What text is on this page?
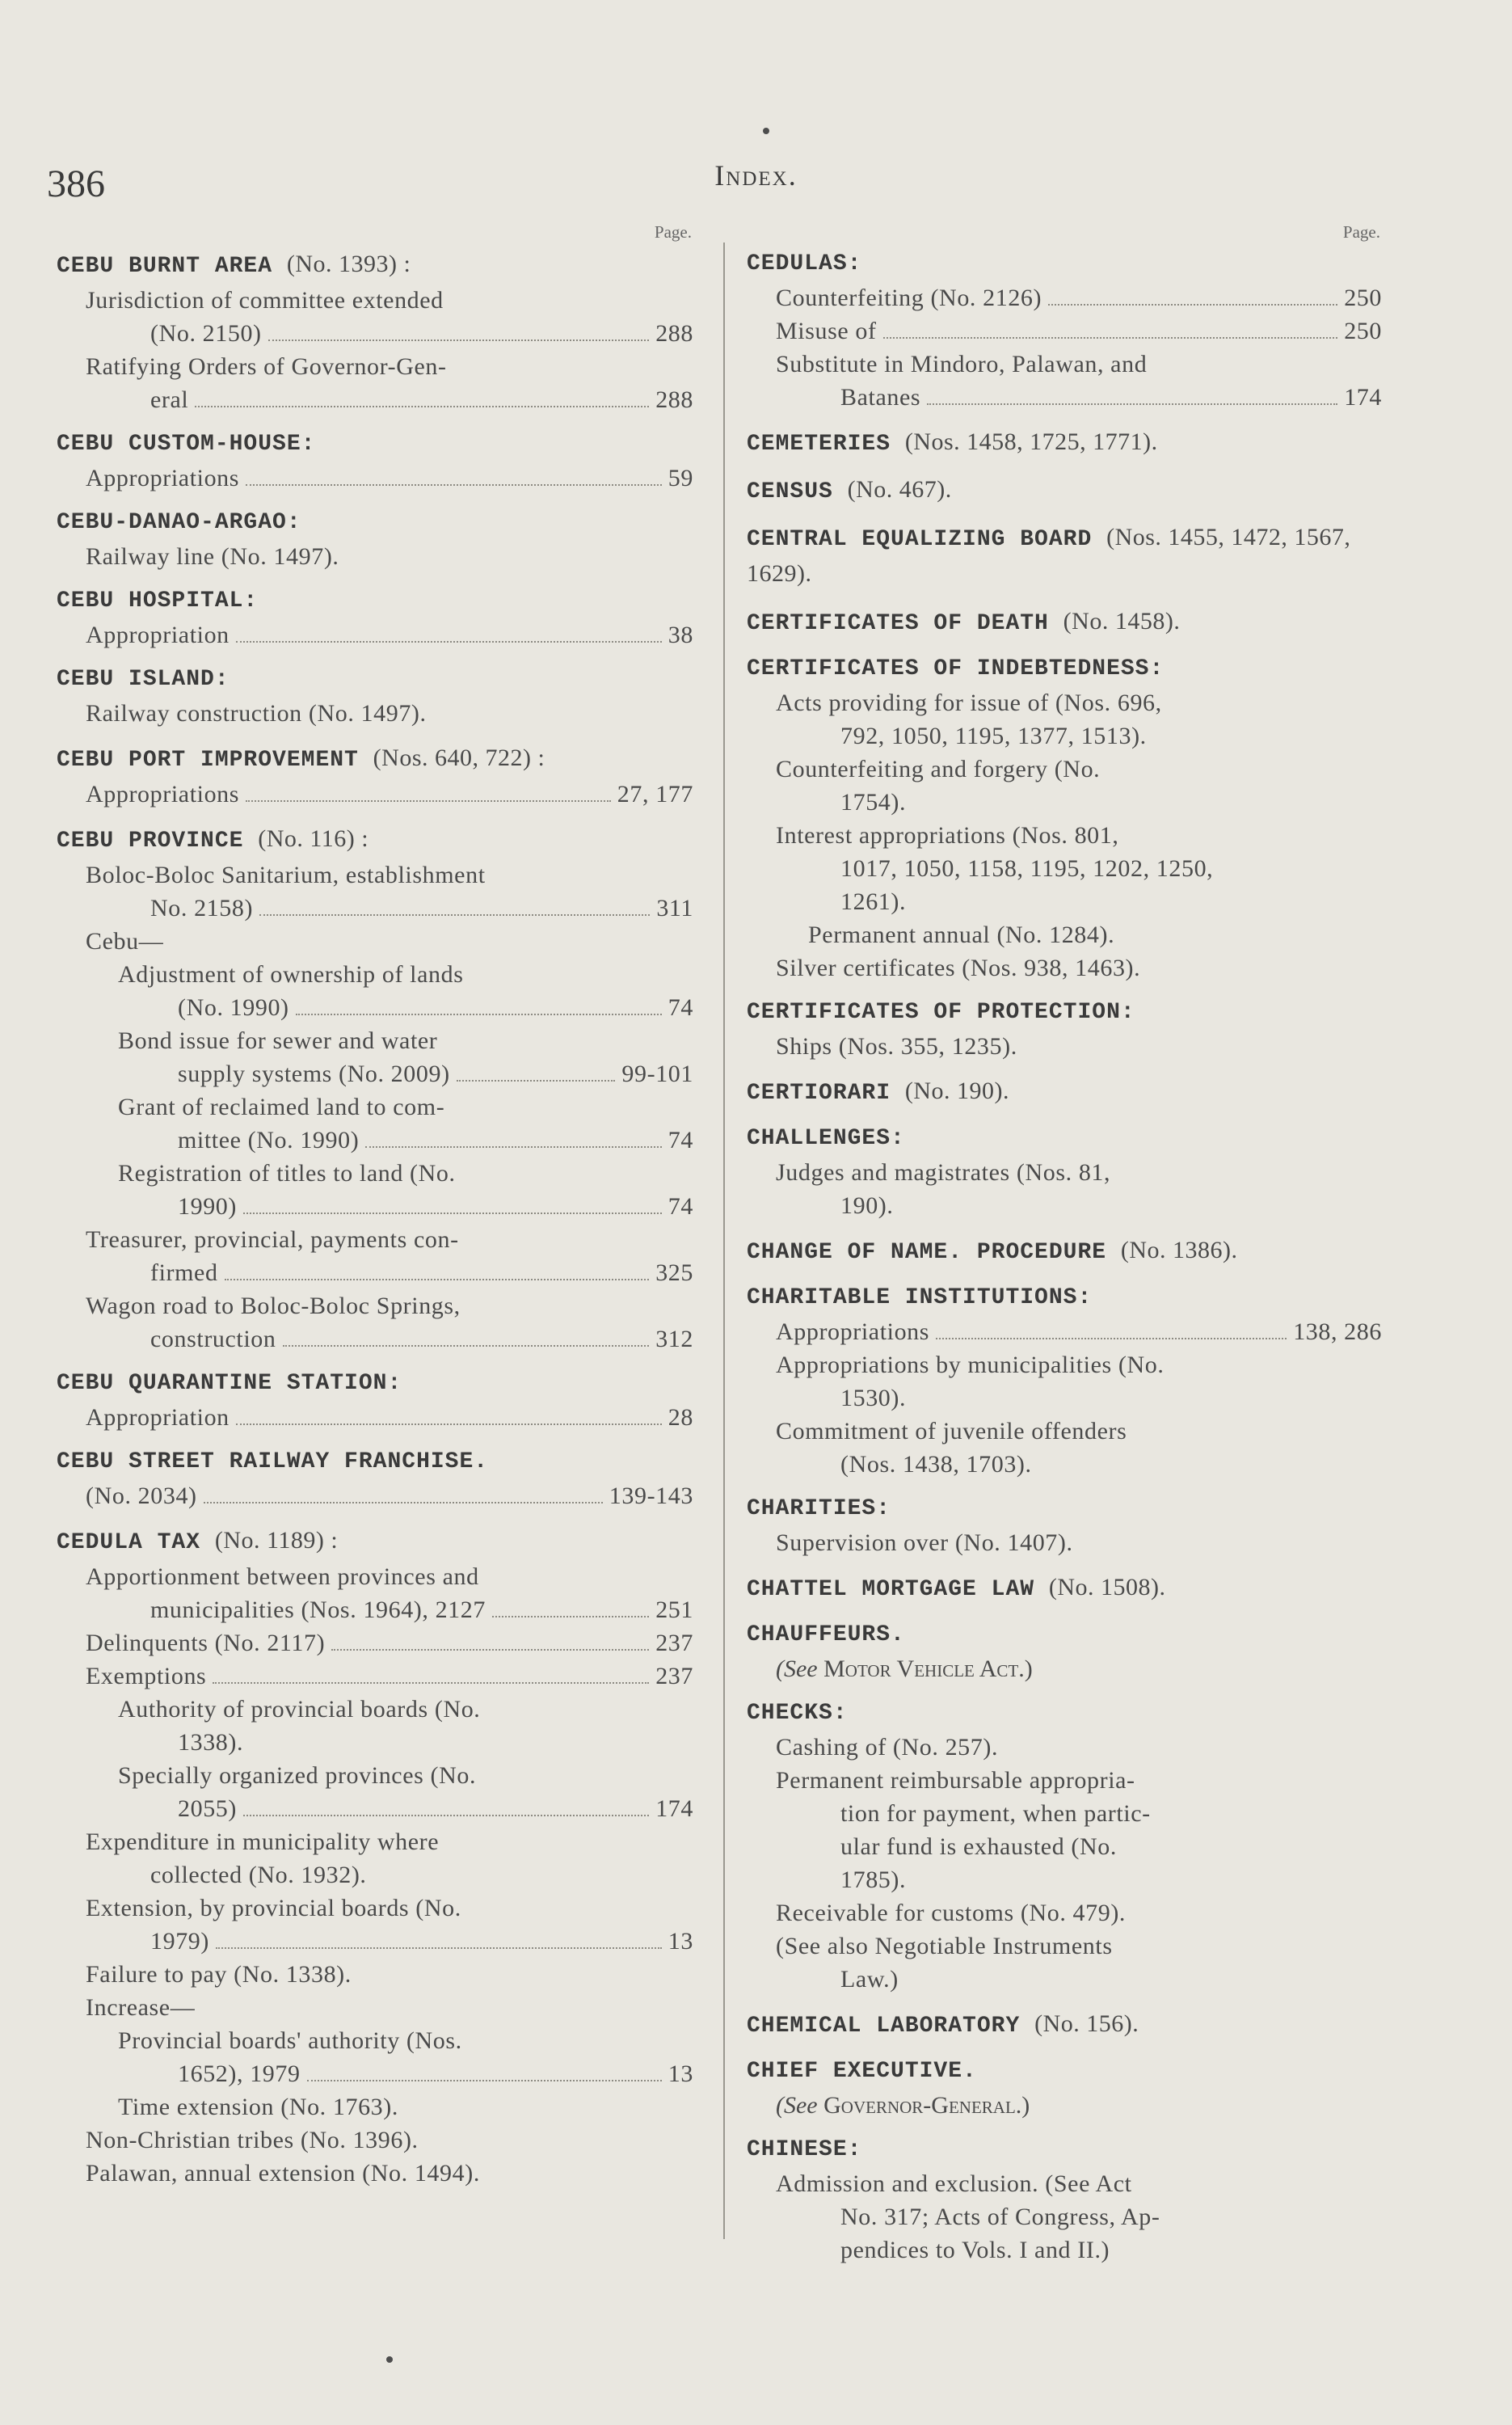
386	Index.
Page.
CEBU BURNT AREA (No. 1393) :
Jurisdiction of committee extended
(No. 2150)	288
Ratifying Orders of Governor-Gen-
eral	288
CEBU CUSTOM-HOUSE:
Appropriations	59
CEBU-DANAO-ARGAO:
Railway line (No. 1497).
CEBU HOSPITAL:
Appropriation	38
CEBU ISLAND:
Railway construction (No. 1497).
CEBU PORT IMPROVEMENT (Nos. 640, 722) :
Appropriations	27, 177
CEBU PROVINCE (No. 116) :
Boloc-Boloc Sanitarium, establishment
No. 2158)	311
Cebu—
Adjustment of ownership of lands
(No. 1990)	74
Bond issue for sewer and water
supply systems (No. 2009)	99-101
Grant of reclaimed land to com-
mittee (No. 1990)	74
Registration of titles to land (No.
1990)	74
Treasurer, provincial, payments con-
firmed	325
Wagon road to Boloc-Boloc Springs,
construction	312
CEBU QUARANTINE STATION:
Appropriation	28
CEBU STREET RAILWAY FRANCHISE.
(No. 2034)	139-143
CEDULA TAX (No. 1189) :
Apportionment between provinces and
municipalities (Nos. 1964), 2127	251
Delinquents (No. 2117)	237
Exemptions	237
Authority of provincial boards (No.
1338).
Specially organized provinces (No.
2055)	174
Expenditure in municipality where
collected (No. 1932).
Extension, by provincial boards (No.
1979)	13
Failure to pay (No. 1338).
Increase—
Provincial boards' authority (Nos.
1652), 1979	13
Time extension (No. 1763).
Non-Christian tribes (No. 1396).
Palawan, annual extension (No. 1494).
Page.
CEDULAS:
Counterfeiting (No. 2126)	250
Misuse of	250
Substitute in Mindoro, Palawan, and
Batanes	174
CEMETERIES (Nos. 1458, 1725, 1771).
CENSUS (No. 467).
CENTRAL EQUALIZING BOARD (Nos. 1455, 1472, 1567, 1629).
CERTIFICATES OF DEATH (No. 1458).
CERTIFICATES OF INDEBTEDNESS:
Acts providing for issue of (Nos. 696,
792, 1050, 1195, 1377, 1513).
Counterfeiting and forgery (No.
1754).
Interest appropriations (Nos. 801,
1017, 1050, 1158, 1195, 1202, 1250,
1261).
Permanent annual (No. 1284).
Silver certificates (Nos. 938, 1463).
CERTIFICATES OF PROTECTION:
Ships (Nos. 355, 1235).
CERTIORARI (No. 190).
CHALLENGES:
Judges and magistrates (Nos. 81,
190).
CHANGE OF NAME. PROCEDURE (No. 1386).
CHARITABLE INSTITUTIONS:
Appropriations	138, 286
Appropriations by municipalities (No.
1530).
Commitment of juvenile offenders
(Nos. 1438, 1703).
CHARITIES:
Supervision over (No. 1407).
CHATTEL MORTGAGE LAW (No. 1508).
CHAUFFEURS.
(See Motor Vehicle Act.)
CHECKS:
Cashing of (No. 257).
Permanent reimbursable appropria-
tion for payment, when partic-
ular fund is exhausted (No.
1785).
Receivable for customs (No. 479).
(See also Negotiable Instruments
Law.)
CHEMICAL LABORATORY (No. 156).
CHIEF EXECUTIVE.
(See Governor-General.)
CHINESE:
Admission and exclusion. (See Act
No. 317; Acts of Congress, Ap-
pendices to Vols. I and II.)
